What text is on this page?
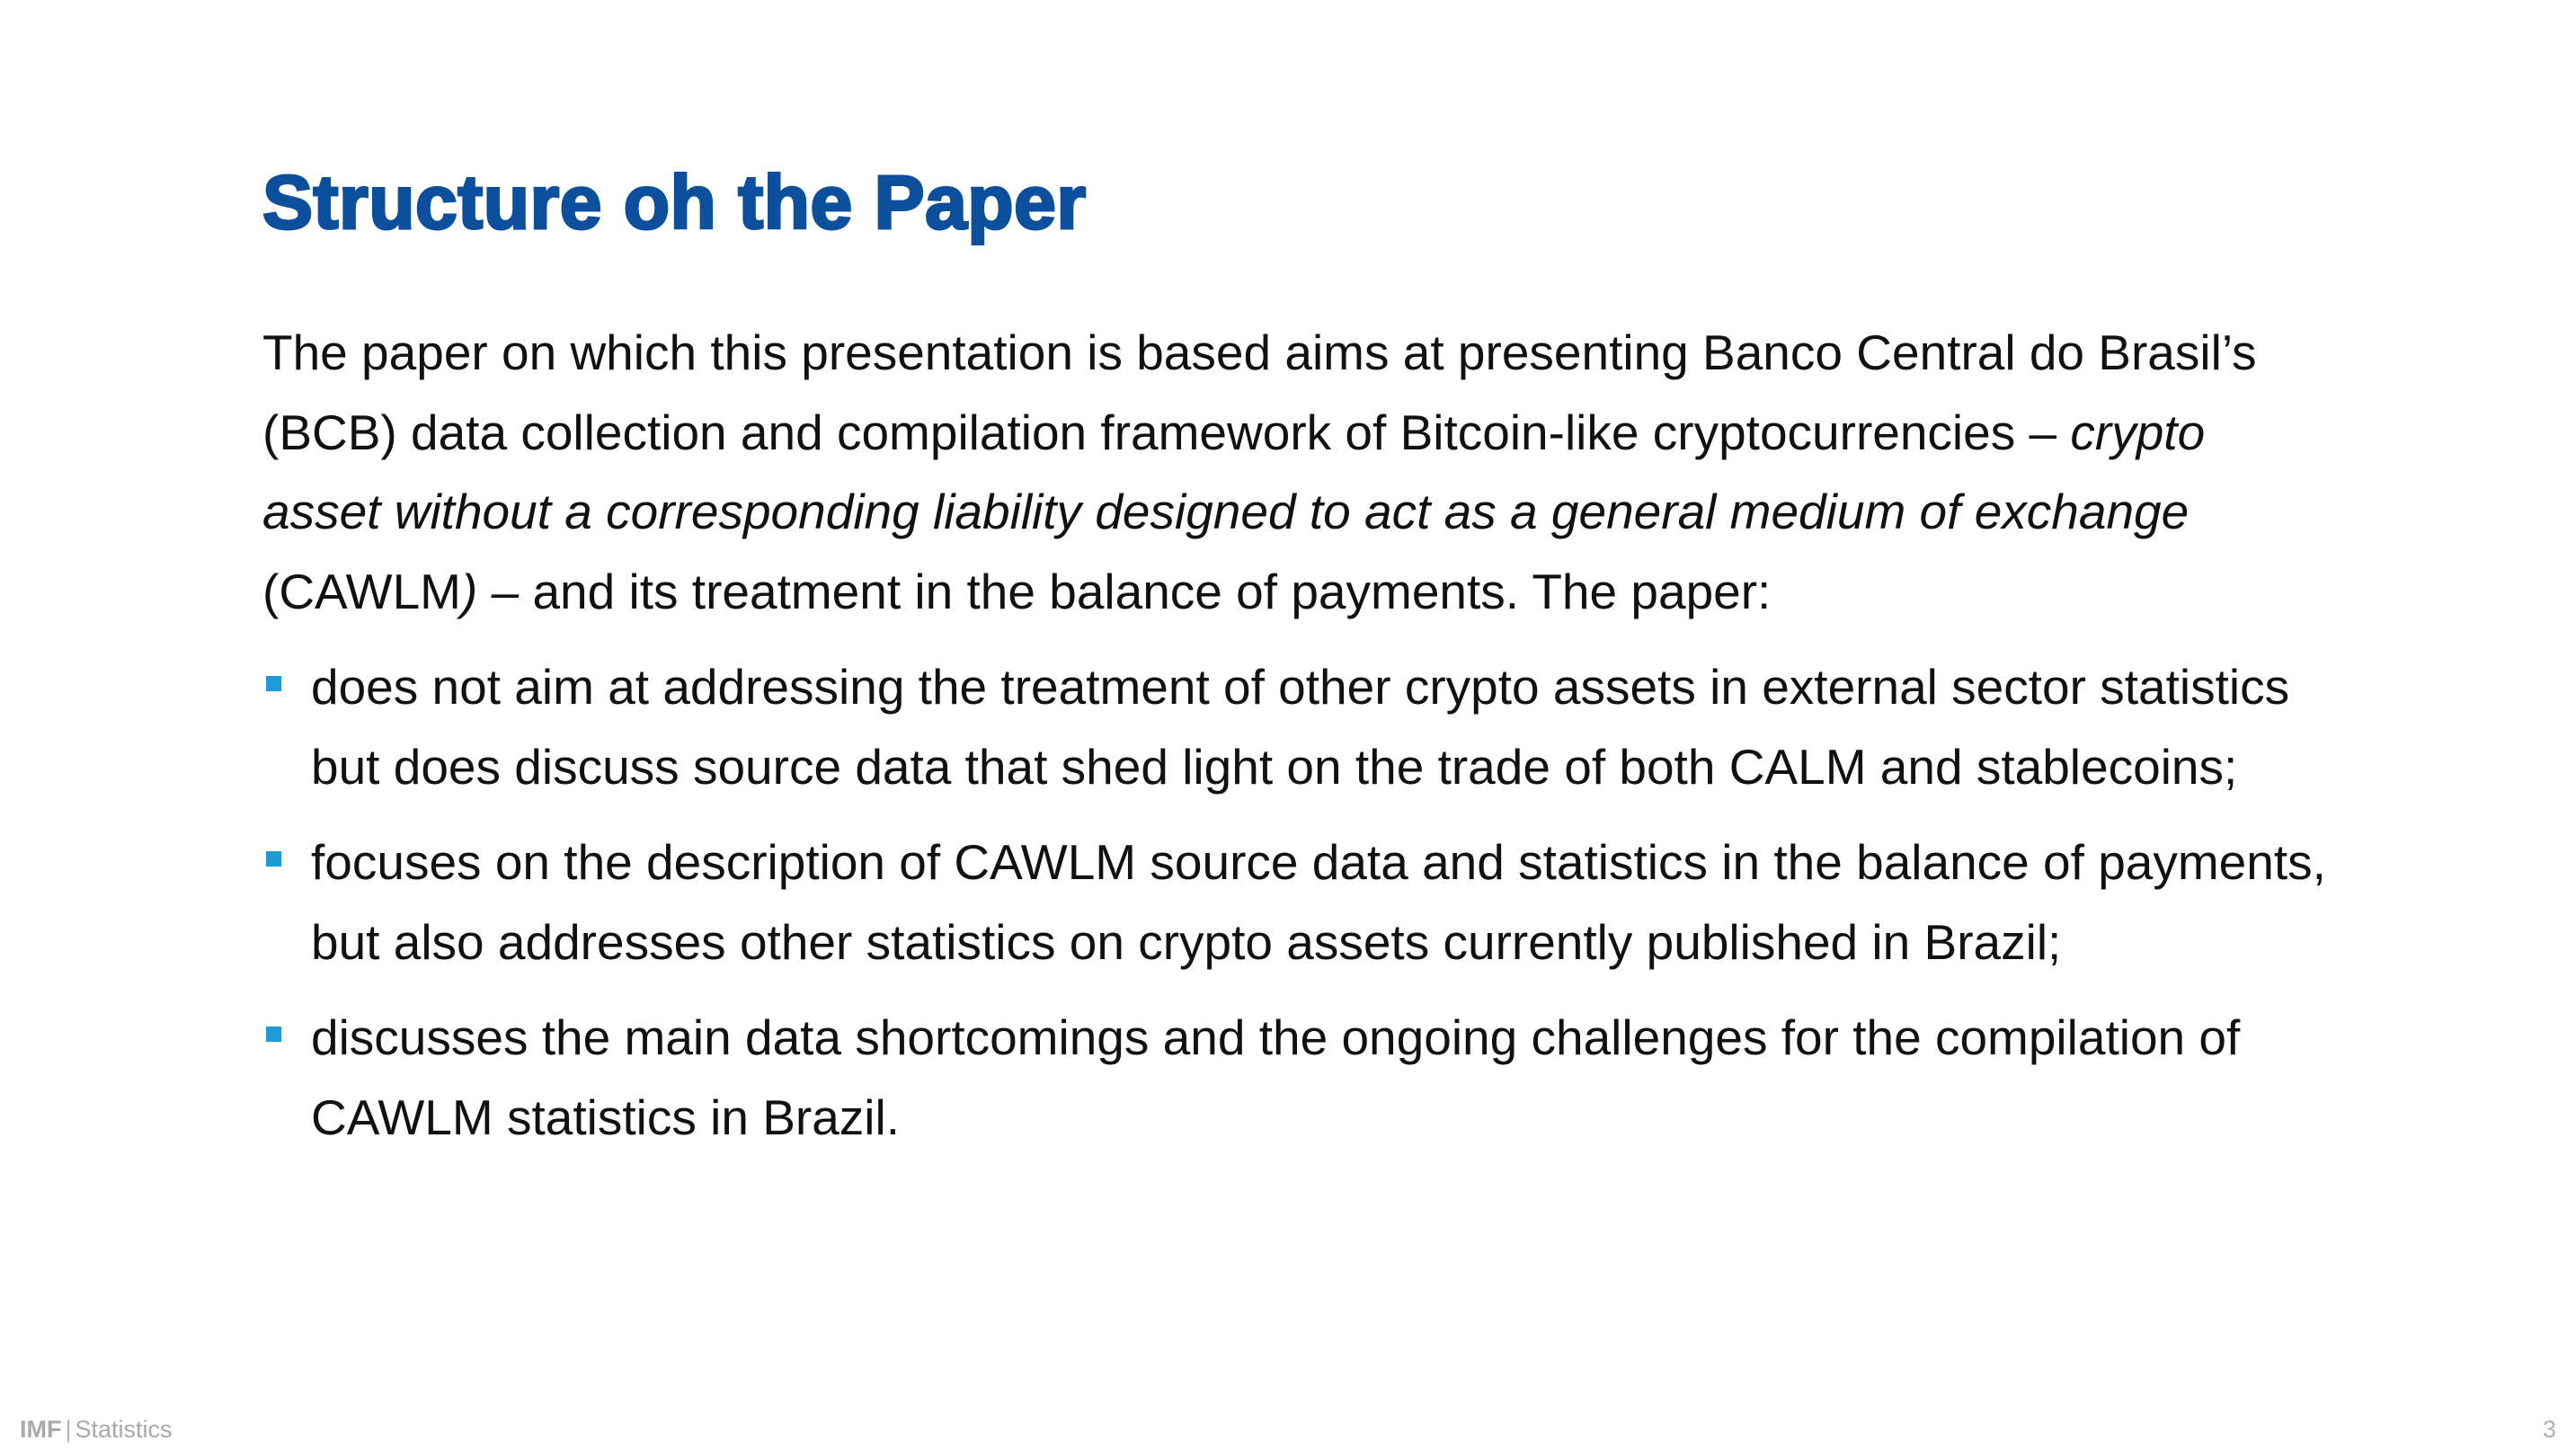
Structure oh the Paper

The paper on which this presentation is based aims at presenting Banco Central do Brasil’s (BCB) data collection and compilation framework of Bitcoin-like cryptocurrencies – crypto asset without a corresponding liability designed to act as a general medium of exchange (CAWLM) – and its treatment in the balance of payments. The paper:

does not aim at addressing the treatment of other crypto assets in external sector statistics but does discuss source data that shed light on the trade of both CALM and stablecoins;
focuses on the description of CAWLM source data and statistics in the balance of payments, but also addresses other statistics on crypto assets currently published in Brazil;
discusses the main data shortcomings and the ongoing challenges for the compilation of CAWLM statistics in Brazil.
IMF | Statistics	3
